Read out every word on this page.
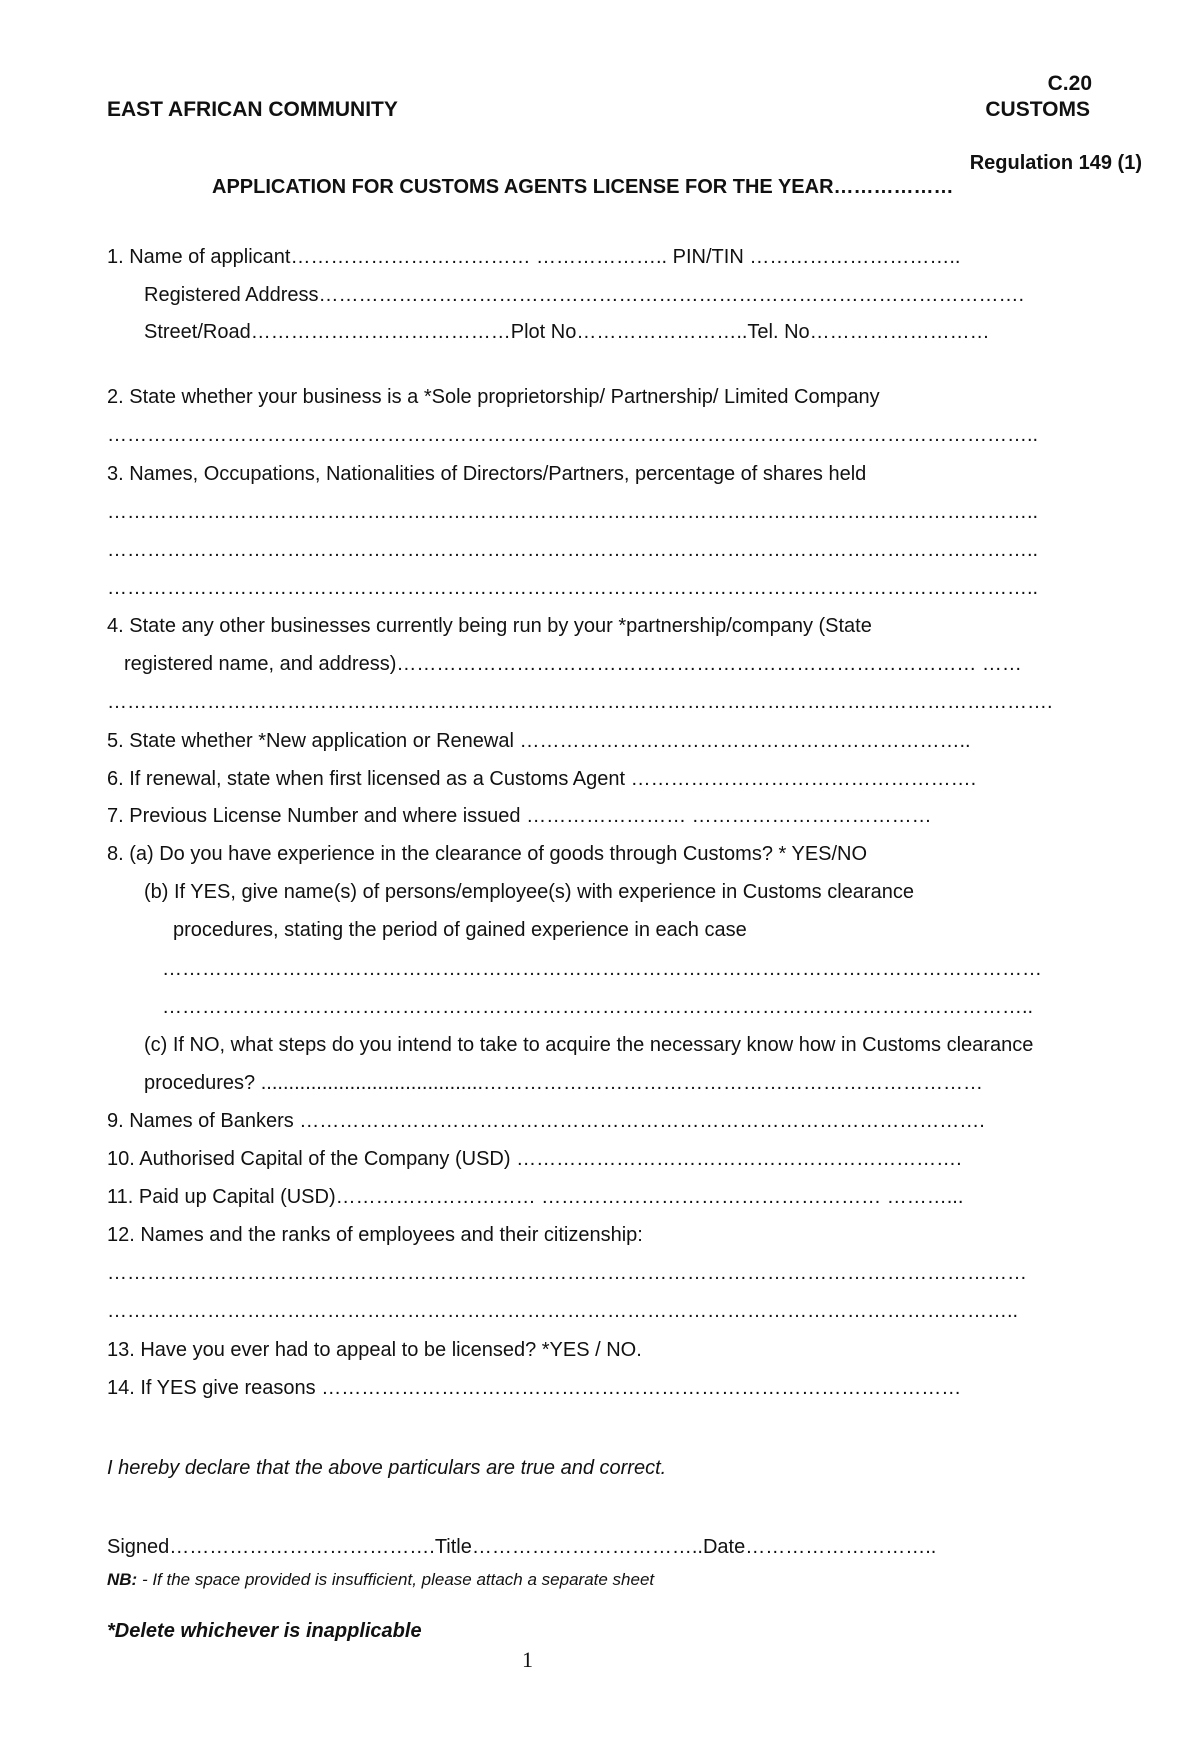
EAST AFRICAN COMMUNITY
C.20
CUSTOMS
Regulation 149 (1)
APPLICATION FOR CUSTOMS AGENTS LICENSE FOR THE YEAR………………
1. Name of applicant……………………………… ……………….. PIN/TIN …………………………..
Registered Address…………………………………………………………………………………………….
Street/Road…………………………………Plot No……………………..Tel. No………………………
2. State whether your business is a *Sole proprietorship/ Partnership/ Limited Company
…………………………………………………………………………………………………………………………..
3. Names, Occupations, Nationalities of Directors/Partners, percentage of shares held
…………………………………………………………………………………………………………………………..
…………………………………………………………………………………………………………………………..
…………………………………………………………………………………………………………………………..
4. State any other businesses currently being run by your *partnership/company (State
registered name, and address)…………………………………………………………………………… ……
…………………………………………………………………………………………………………………………….
5. State whether *New application or Renewal …………………………………………………………..
6. If renewal, state when first licensed as a Customs Agent …………………………………………….
7. Previous License Number and where issued …………………… ………………………………
8. (a) Do you have experience in the clearance of goods through Customs? * YES/NO
(b) If YES, give name(s) of persons/employee(s) with experience in Customs clearance
procedures, stating the period of gained experience in each case
……………………………………………………………………………………………………………………
…………………………………………………………………………………………………………………..
(c) If NO, what steps do you intend to take to acquire the necessary know how in Customs clearance
procedures? ........................................…………………………………………………………………
9. Names of Bankers ………………………………………………………………………………………….
10. Authorised Capital of the Company (USD) ………………………………………………………….
11. Paid up Capital (USD)………………………… …………………………………………… ………...
12. Names and the ranks of employees and their citizenship:
…………………………………………………………………………………………………………………………
………………………………………………………………………………………………………………………..
13. Have you ever had to appeal to be licensed? *YES / NO.
14. If YES give reasons ……………………………………………………………………………………
I hereby declare that the above particulars are true and correct.
Signed………………………………….Title……………………………..Date………………………..
NB: - If the space provided is insufficient, please attach a separate sheet
*Delete whichever is inapplicable
1
